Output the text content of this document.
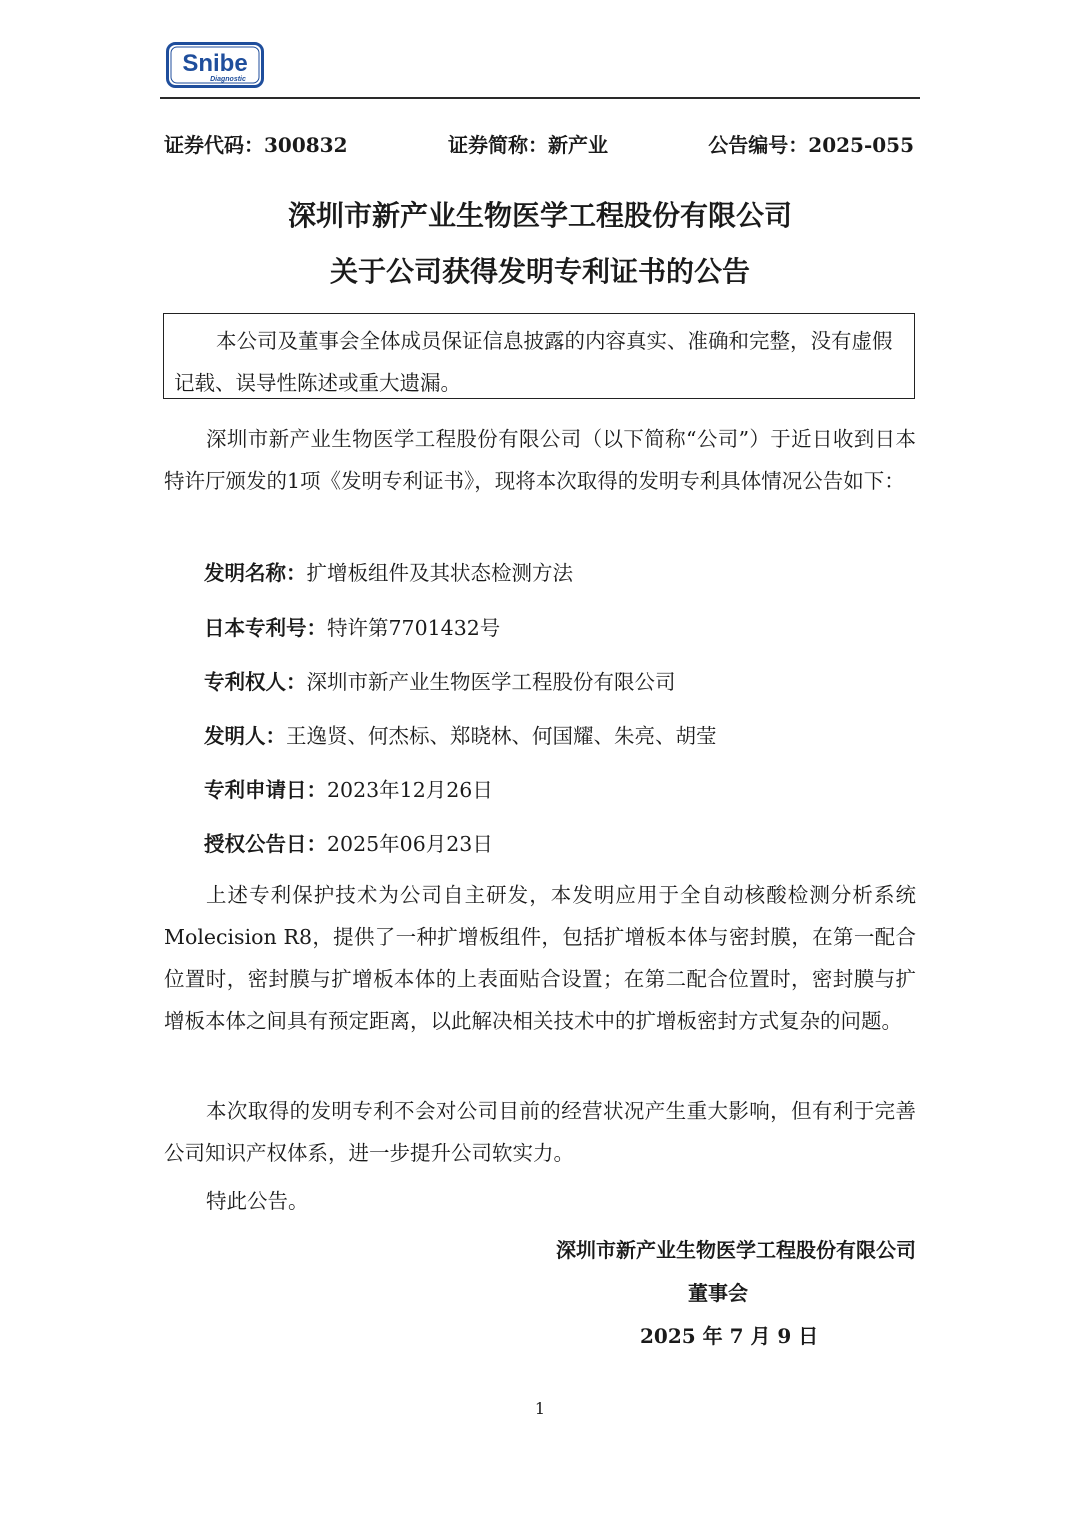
Snibe
Diagnostic
证券代码：300832	证券简称：新产业	公告编号：2025-055
深圳市新产业生物医学工程股份有限公司
关于公司获得发明专利证书的公告
本公司及董事会全体成员保证信息披露的内容真实、准确和完整，没有虚假记载、误导性陈述或重大遗漏。

深圳市新产业生物医学工程股份有限公司（以下简称“公司”）于近日收到日本特许厅颁发的1项《发明专利证书》，现将本次取得的发明专利具体情况公告如下：

发明名称：扩增板组件及其状态检测方法
日本专利号：特许第7701432号
专利权人：深圳市新产业生物医学工程股份有限公司
发明人：王逸贤、何杰标、郑晓林、何国耀、朱亮、胡莹
专利申请日：2023年12月26日
授权公告日：2025年06月23日

上述专利保护技术为公司自主研发，本发明应用于全自动核酸检测分析系统Molecision R8，提供了一种扩增板组件，包括扩增板本体与密封膜，在第一配合位置时，密封膜与扩增板本体的上表面贴合设置；在第二配合位置时，密封膜与扩增板本体之间具有预定距离，以此解决相关技术中的扩增板密封方式复杂的问题。

本次取得的发明专利不会对公司目前的经营状况产生重大影响，但有利于完善公司知识产权体系，进一步提升公司软实力。

特此公告。

深圳市新产业生物医学工程股份有限公司
董事会
2025 年 7 月 9 日
1
